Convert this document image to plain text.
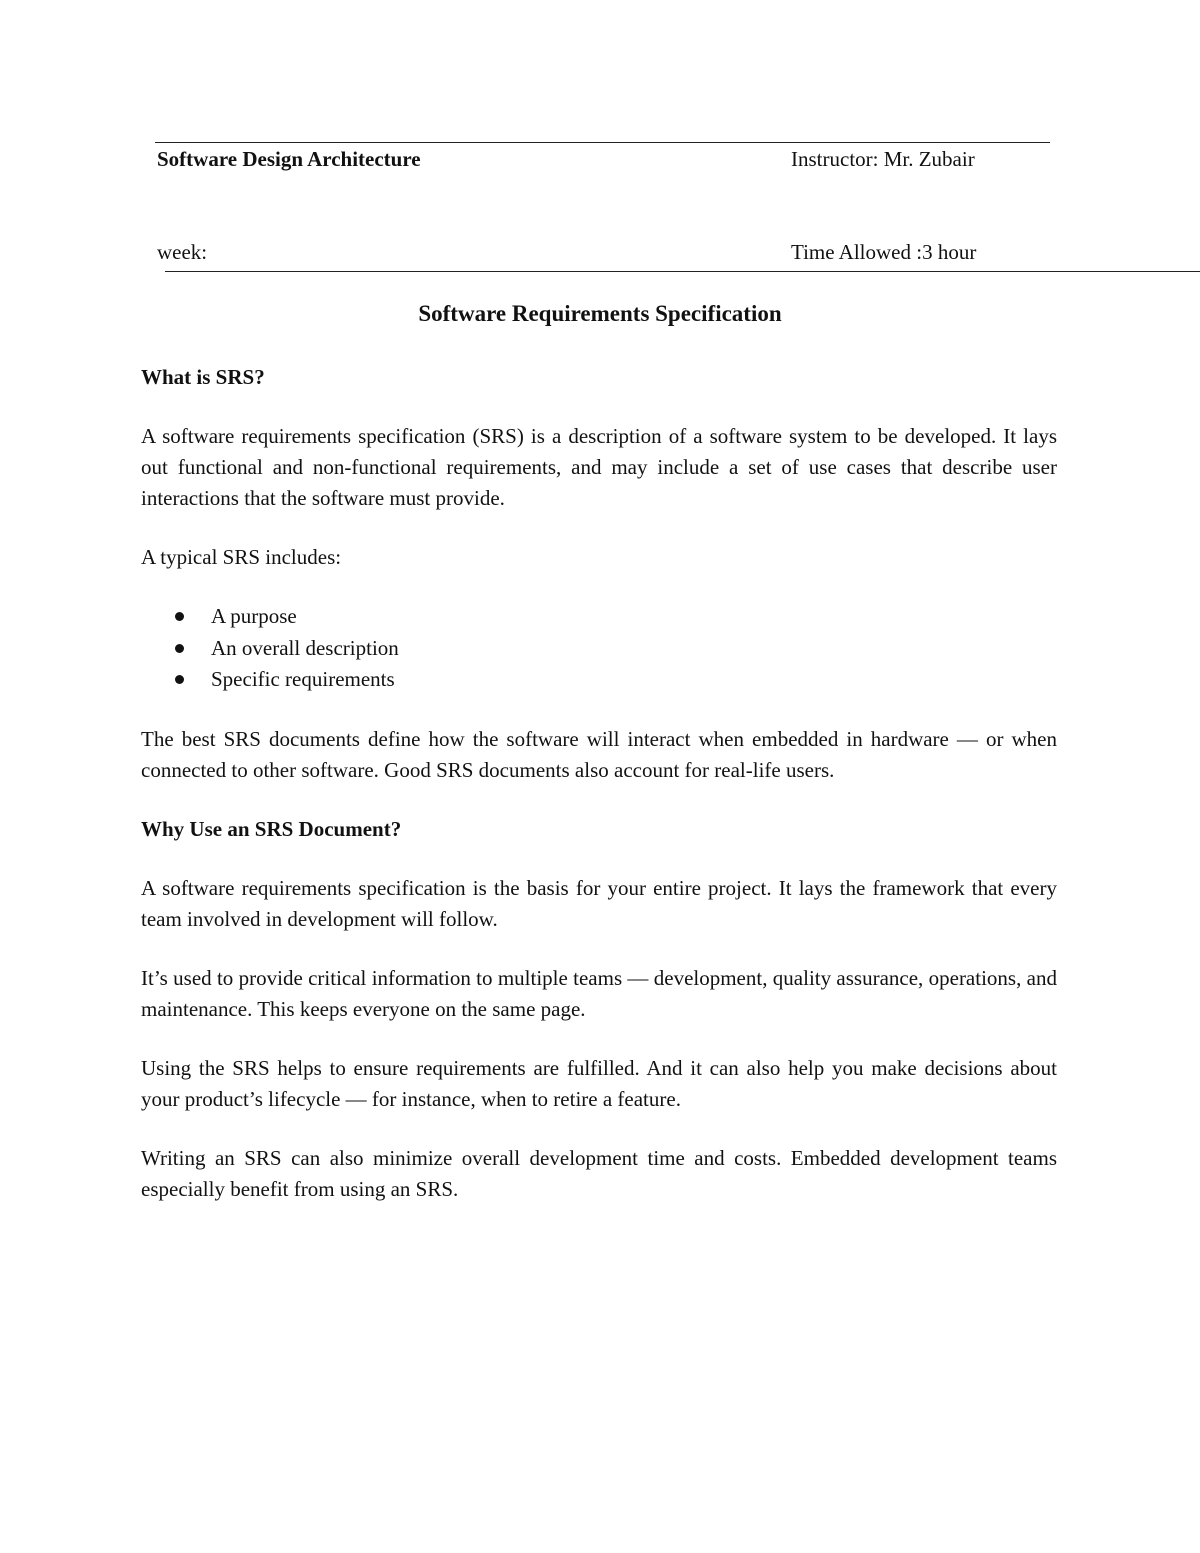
Software Design Architecture	Instructor: Mr. Zubair
week:	Time Allowed :3 hour
Software Requirements Specification
What is SRS?

A software requirements specification (SRS) is a description of a software system to be developed. It lays out functional and non-functional requirements, and may include a set of use cases that describe user interactions that the software must provide.

A typical SRS includes:

A purpose
An overall description
Specific requirements

The best SRS documents define how the software will interact when embedded in hardware — or when connected to other software. Good SRS documents also account for real-life users.

Why Use an SRS Document?

A software requirements specification is the basis for your entire project. It lays the framework that every team involved in development will follow.

It’s used to provide critical information to multiple teams — development, quality assurance, operations, and maintenance. This keeps everyone on the same page.

Using the SRS helps to ensure requirements are fulfilled. And it can also help you make decisions about your product’s lifecycle — for instance, when to retire a feature.

Writing an SRS can also minimize overall development time and costs. Embedded development teams especially benefit from using an SRS.
